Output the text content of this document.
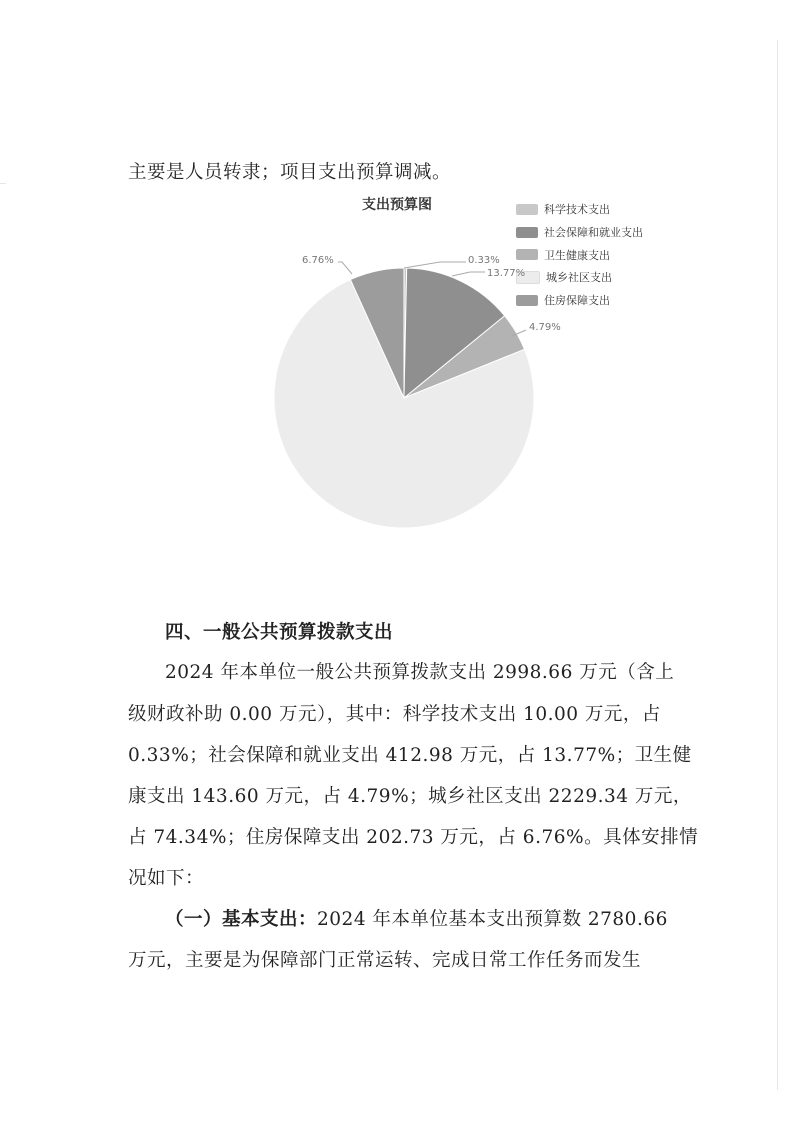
主要是人员转隶；项目支出预算调减。
支出预算图	科学技术支出
社会保障和就业支出
卫生健康支出
城乡社区支出
住房保障支出
0.33%
13.77%
4.79%
6.76%
四、一般公共预算拨款支出
2024 年本单位一般公共预算拨款支出 2998.66 万元（含上
级财政补助 0.00 万元），其中：科学技术支出 10.00 万元，占
0.33%；社会保障和就业支出 412.98 万元，占 13.77%；卫生健
康支出 143.60 万元，占 4.79%；城乡社区支出 2229.34 万元，
占 74.34%；住房保障支出 202.73 万元，占 6.76%。具体安排情
况如下：
（一）基本支出：2024 年本单位基本支出预算数 2780.66
万元，主要是为保障部门正常运转、完成日常工作任务而发生
